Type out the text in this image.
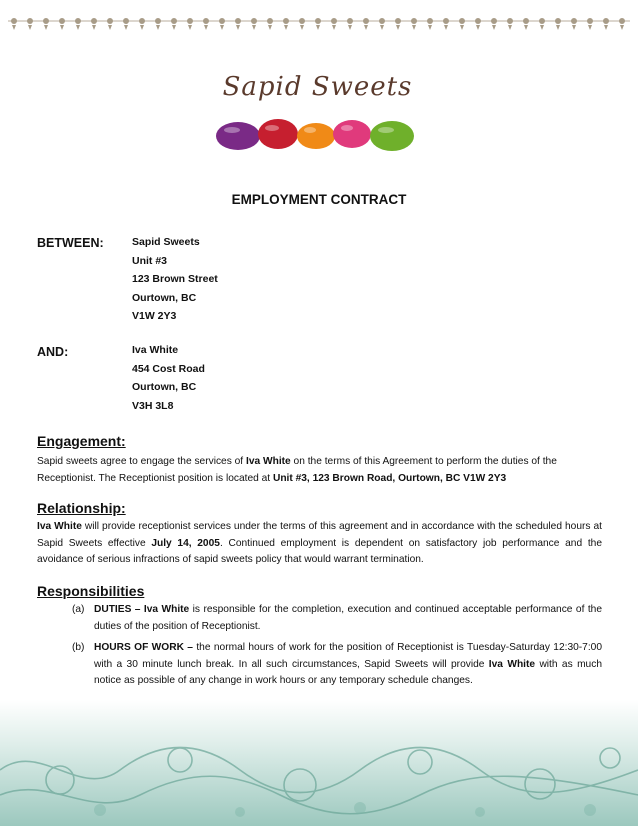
Sapid Sweets
EMPLOYMENT CONTRACT
BETWEEN:	Sapid Sweets
Unit #3
123 Brown Street
Ourtown, BC
V1W 2Y3
AND:	Iva White
454 Cost Road
Ourtown, BC
V3H 3L8
Engagement:
Sapid sweets agree to engage the services of Iva White on the terms of this Agreement to perform the duties of the Receptionist. The Receptionist position is located at Unit #3, 123 Brown Road, Ourtown, BC V1W 2Y3
Relationship:
Iva White will provide receptionist services under the terms of this agreement and in accordance with the scheduled hours at Sapid Sweets effective July 14, 2005. Continued employment is dependent on satisfactory job performance and the avoidance of serious infractions of sapid sweets policy that would warrant termination.
Responsibilities
(a) DUTIES – Iva White is responsible for the completion, execution and continued acceptable performance of the duties of the position of Receptionist.
(b) HOURS OF WORK – the normal hours of work for the position of Receptionist is Tuesday-Saturday 12:30-7:00 with a 30 minute lunch break. In all such circumstances, Sapid Sweets will provide Iva White with as much notice as possible of any change in work hours or any temporary schedule changes.
